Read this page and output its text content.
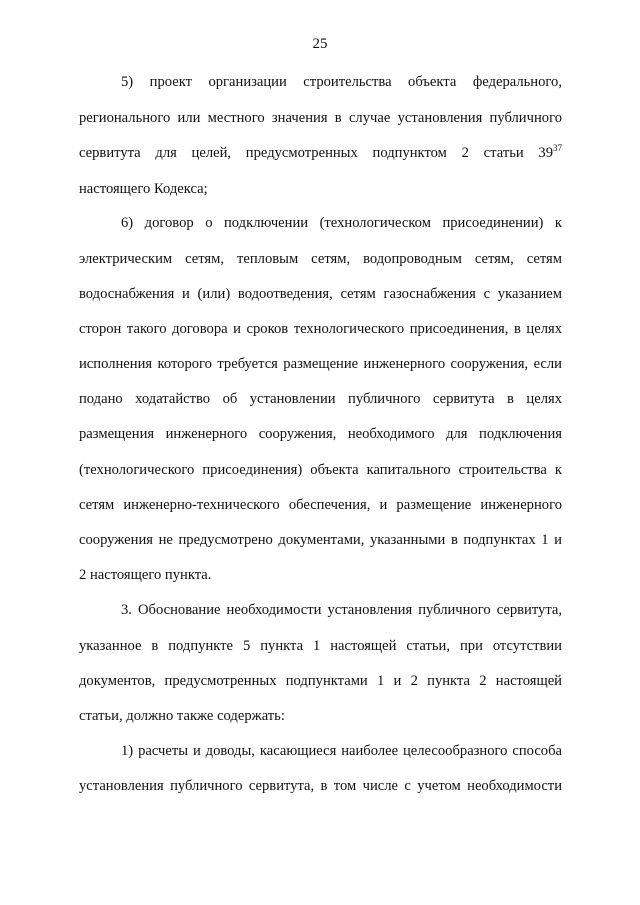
25
5) проект организации строительства объекта федерального,
регионального или местного значения в случае установления публичного
сервитута для целей, предусмотренных подпунктом 2 статьи $39^{37}$
настоящего Кодекса;
6) договор о подключении (технологическом присоединении) к
электрическим сетям, тепловым сетям, водопроводным сетям, сетям
водоснабжения и (или) водоотведения, сетям газоснабжения с указанием
сторон такого договора и сроков технологического присоединения, в целях
исполнения которого требуется размещение инженерного сооружения, если
подано ходатайство об установлении публичного сервитута в целях
размещения инженерного сооружения, необходимого для подключения
(технологического присоединения) объекта капитального строительства к
сетям инженерно-технического обеспечения, и размещение инженерного
сооружения не предусмотрено документами, указанными в подпунктах 1 и
2 настоящего пункта.
3. Обоснование необходимости установления публичного сервитута,
указанное в подпункте 5 пункта 1 настоящей статьи, при отсутствии
документов, предусмотренных подпунктами 1 и 2 пункта 2 настоящей
статьи, должно также содержать:
1) расчеты и доводы, касающиеся наиболее целесообразного способа
установления публичного сервитута, в том числе с учетом необходимости
